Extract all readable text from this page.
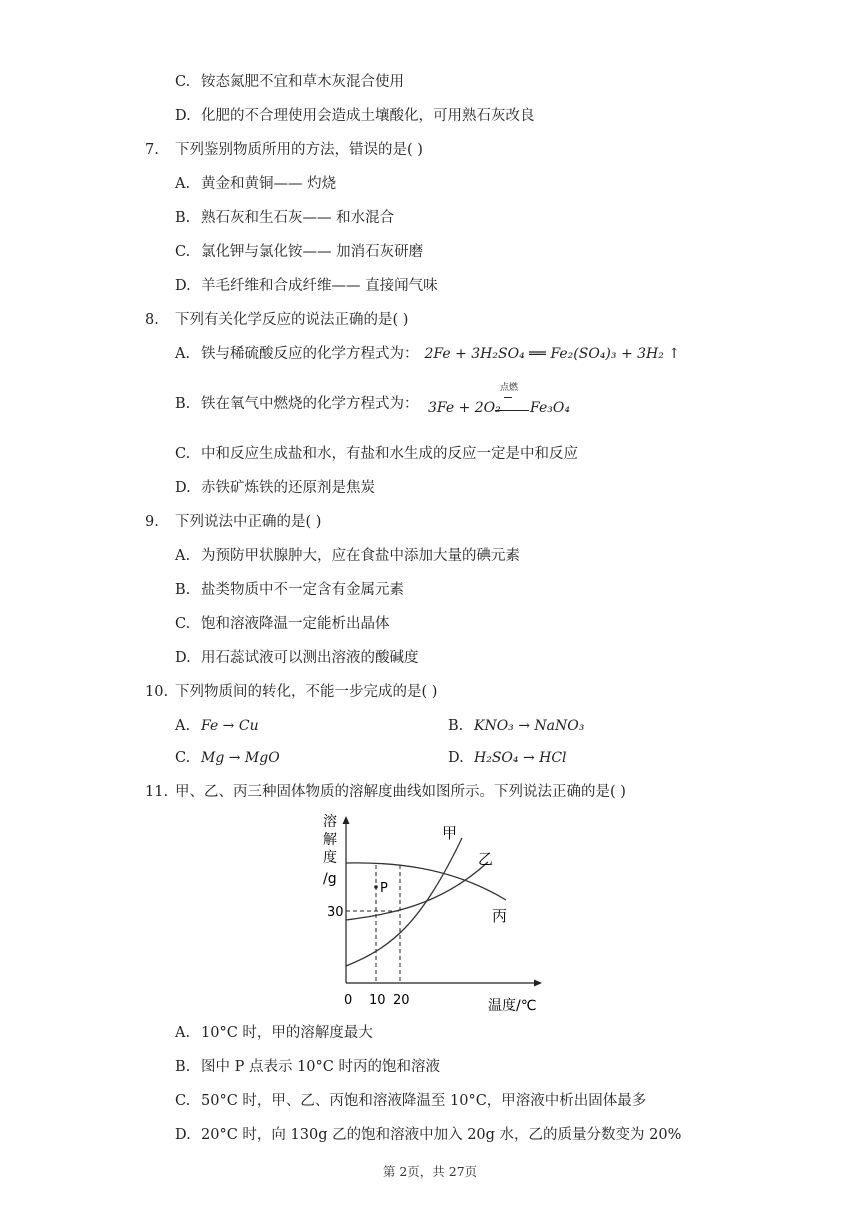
C. 铵态氮肥不宜和草木灰混合使用
D. 化肥的不合理使用会造成土壤酸化，可用熟石灰改良
7. 下列鉴别物质所用的方法，错误的是( )
A. 黄金和黄铜—— 灼烧
B. 熟石灰和生石灰—— 和水混合
C. 氯化钾与氯化铵—— 加消石灰研磨
D. 羊毛纤维和合成纤维—— 直接闻气味
8. 下列有关化学反应的说法正确的是( )
A. 铁与稀硫酸反应的化学方程式为： 2Fe + 3H₂SO₄ ══ Fe₂(SO₄)₃ + 3H₂ ↑
B. 铁在氧气中燃烧的化学方程式为： 3Fe + 2O₂
点燃
Fe₃O₄
C. 中和反应生成盐和水，有盐和水生成的反应一定是中和反应
D. 赤铁矿炼铁的还原剂是焦炭
9. 下列说法中正确的是( )
A. 为预防甲状腺肿大，应在食盐中添加大量的碘元素
B. 盐类物质中不一定含有金属元素
C. 饱和溶液降温一定能析出晶体
D. 用石蕊试液可以测出溶液的酸碱度
10. 下列物质间的转化，不能一步完成的是( )
A. Fe → Cu	B. KNO₃ → NaNO₃
C. Mg → MgO	D. H₂SO₄ → HCl
11. 甲、乙、丙三种固体物质的溶解度曲线如图所示。下列说法正确的是( )
溶
解
度
/g
0 10 20
30
温度/℃
甲
乙
丙
P
A. 10°C 时，甲的溶解度最大
B. 图中 P 点表示 10°C 时丙的饱和溶液
C. 50°C 时，甲、乙、丙饱和溶液降温至 10°C，甲溶液中析出固体最多
D. 20°C 时，向 130g 乙的饱和溶液中加入 20g 水，乙的质量分数变为 20%
第 2页，共 27页
